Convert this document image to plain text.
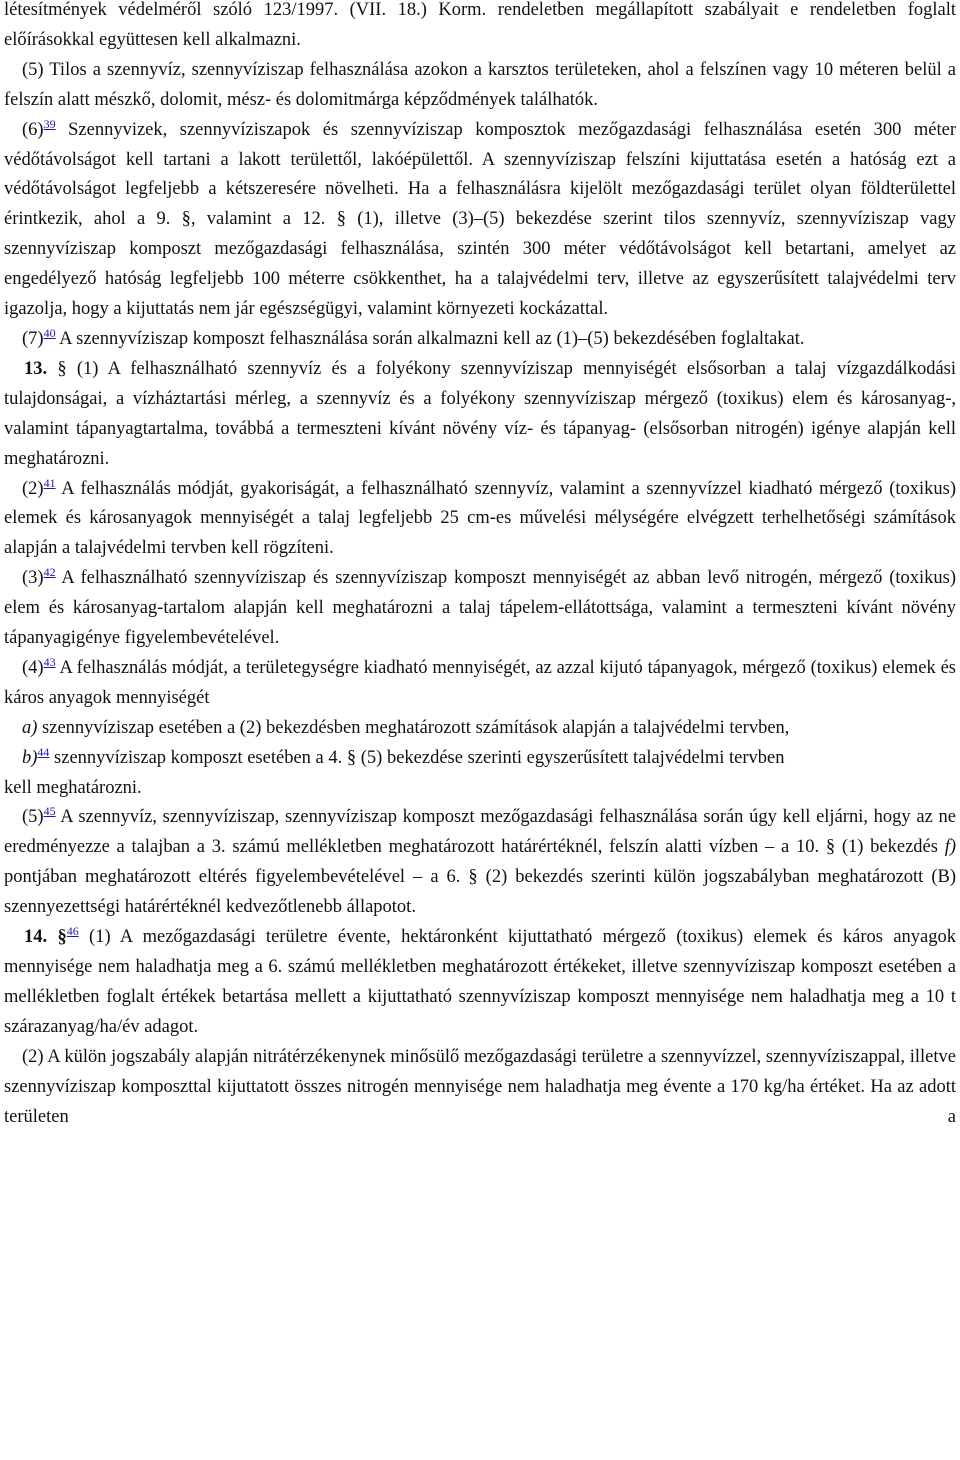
létesítmények védelméről szóló 123/1997. (VII. 18.) Korm. rendeletben megállapított szabályait e rendeletben foglalt előírásokkal együttesen kell alkalmazni.

(5) Tilos a szennyvíz, szennyvíziszap felhasználása azokon a karsztos területeken, ahol a felszínen vagy 10 méteren belül a felszín alatt mészkő, dolomit, mész- és dolomitmárga képződmények találhatók.

(6)$^{39}$ Szennyvizek, szennyvíziszapok és szennyvíziszap komposztok mezőgazdasági felhasználása esetén 300 méter védőtávolságot kell tartani a lakott területtől, lakóépülettől. A szennyvíziszap felszíni kijuttatása esetén a hatóság ezt a védőtávolságot legfeljebb a kétszeresére növelheti. Ha a felhasználásra kijelölt mezőgazdasági terület olyan földterülettel érintkezik, ahol a 9. §, valamint a 12. § (1), illetve (3)–(5) bekezdése szerint tilos szennyvíz, szennyvíziszap vagy szennyvíziszap komposzt mezőgazdasági felhasználása, szintén 300 méter védőtávolságot kell betartani, amelyet az engedélyező hatóság legfeljebb 100 méterre csökkenthet, ha a talajvédelmi terv, illetve az egyszerűsített talajvédelmi terv igazolja, hogy a kijuttatás nem jár egészségügyi, valamint környezeti kockázattal.

(7)$^{40}$ A szennyvíziszap komposzt felhasználása során alkalmazni kell az (1)–(5) bekezdésében foglaltakat.

13. § (1) A felhasználható szennyvíz és a folyékony szennyvíziszap mennyiségét elsősorban a talaj vízgazdálkodási tulajdonságai, a vízháztartási mérleg, a szennyvíz és a folyékony szennyvíziszap mérgező (toxikus) elem és károsanyag-, valamint tápanyagtartalma, továbbá a termeszteni kívánt növény víz- és tápanyag- (elsősorban nitrogén) igénye alapján kell meghatározni.

(2)$^{41}$ A felhasználás módját, gyakoriságát, a felhasználható szennyvíz, valamint a szennyvízzel kiadható mérgező (toxikus) elemek és károsanyagok mennyiségét a talaj legfeljebb 25 cm-es művelési mélységére elvégzett terhelhetőségi számítások alapján a talajvédelmi tervben kell rögzíteni.

(3)$^{42}$ A felhasználható szennyvíziszap és szennyvíziszap komposzt mennyiségét az abban levő nitrogén, mérgező (toxikus) elem és károsanyag-tartalom alapján kell meghatározni a talaj tápelem-ellátottsága, valamint a termeszteni kívánt növény tápanyagigénye figyelembevételével.

(4)$^{43}$ A felhasználás módját, a területegységre kiadható mennyiségét, az azzal kijutó tápanyagok, mérgező (toxikus) elemek és káros anyagok mennyiségét

a) szennyvíziszap esetében a (2) bekezdésben meghatározott számítások alapján a talajvédelmi tervben,

b)$^{44}$ szennyvíziszap komposzt esetében a 4. § (5) bekezdése szerinti egyszerűsített talajvédelmi tervben

kell meghatározni.

(5)$^{45}$ A szennyvíz, szennyvíziszap, szennyvíziszap komposzt mezőgazdasági felhasználása során úgy kell eljárni, hogy az ne eredményezze a talajban a 3. számú mellékletben meghatározott határértéknél, felszín alatti vízben – a 10. § (1) bekezdés f) pontjában meghatározott eltérés figyelembevételével – a 6. § (2) bekezdés szerinti külön jogszabályban meghatározott (B) szennyezettségi határértéknél kedvezőtlenebb állapotot.

14. §$^{46}$ (1) A mezőgazdasági területre évente, hektáronként kijuttatható mérgező (toxikus) elemek és káros anyagok mennyisége nem haladhatja meg a 6. számú mellékletben meghatározott értékeket, illetve szennyvíziszap komposzt esetében a mellékletben foglalt értékek betartása mellett a kijuttatható szennyvíziszap komposzt mennyisége nem haladhatja meg a 10 t szárazanyag/ha/év adagot.

(2) A külön jogszabály alapján nitrátérzékenynek minősülő mezőgazdasági területre a szennyvízzel, szennyvíziszappal, illetve szennyvíziszap komposzttal kijuttatott összes nitrogén mennyisége nem haladhatja meg évente a 170 kg/ha értéket. Ha az adott területen a
